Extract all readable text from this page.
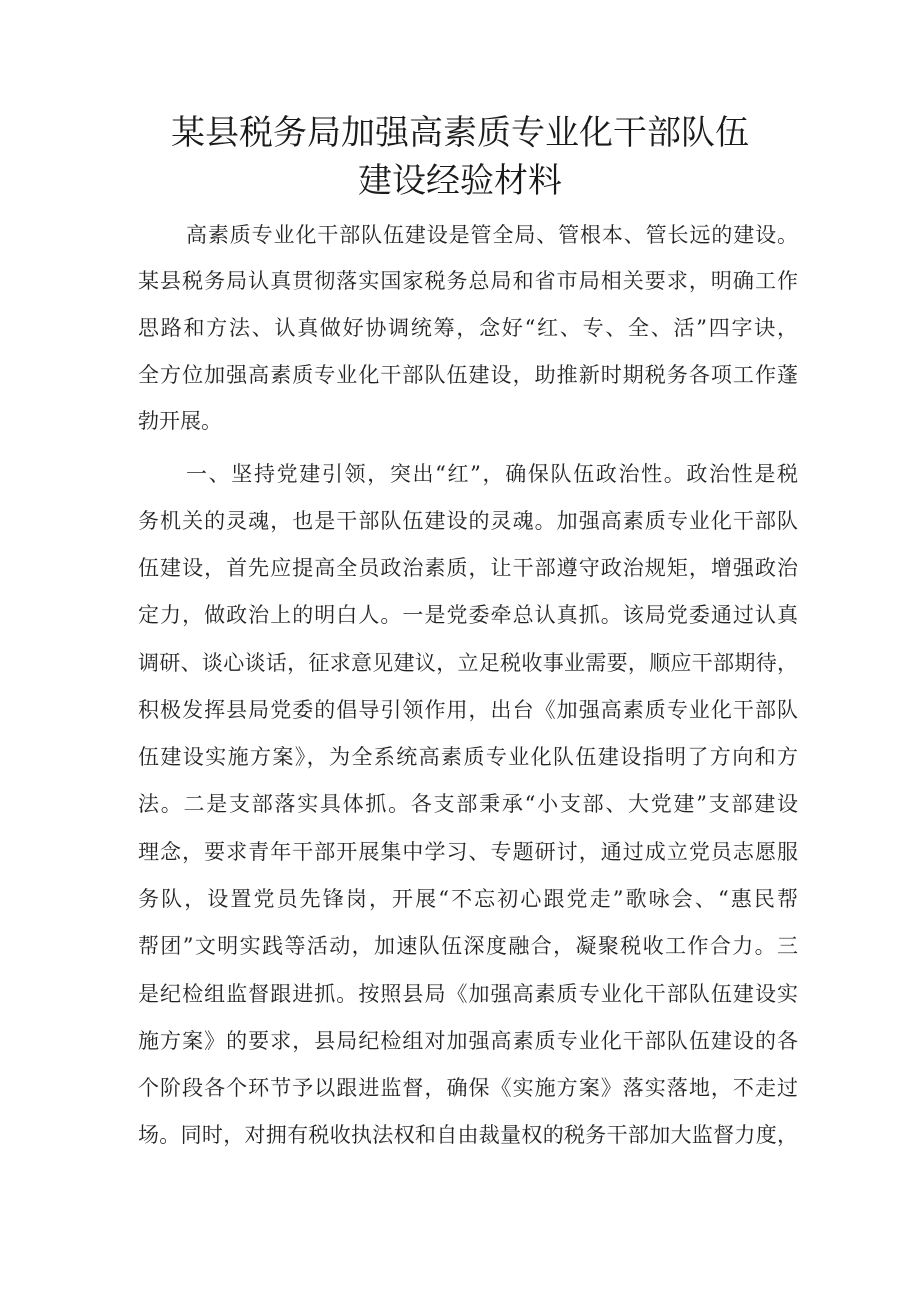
某县税务局加强高素质专业化干部队伍
建设经验材料
高素质专业化干部队伍建设是管全局、管根本、管长远的建设。
某县税务局认真贯彻落实国家税务总局和省市局相关要求，明确工作
思路和方法、认真做好协调统筹，念好“红、专、全、活”四字诀，
全方位加强高素质专业化干部队伍建设，助推新时期税务各项工作蓬
勃开展。
一、坚持党建引领，突出“红”，确保队伍政治性。政治性是税
务机关的灵魂，也是干部队伍建设的灵魂。加强高素质专业化干部队
伍建设，首先应提高全员政治素质，让干部遵守政治规矩，增强政治
定力，做政治上的明白人。一是党委牵总认真抓。该局党委通过认真
调研、谈心谈话，征求意见建议，立足税收事业需要，顺应干部期待，
积极发挥县局党委的倡导引领作用，出台《加强高素质专业化干部队
伍建设实施方案》，为全系统高素质专业化队伍建设指明了方向和方
法。二是支部落实具体抓。各支部秉承“小支部、大党建”支部建设
理念，要求青年干部开展集中学习、专题研讨，通过成立党员志愿服
务队，设置党员先锋岗，开展“不忘初心跟党走”歌咏会、“惠民帮
帮团”文明实践等活动，加速队伍深度融合，凝聚税收工作合力。三
是纪检组监督跟进抓。按照县局《加强高素质专业化干部队伍建设实
施方案》的要求，县局纪检组对加强高素质专业化干部队伍建设的各
个阶段各个环节予以跟进监督，确保《实施方案》落实落地，不走过
场。同时，对拥有税收执法权和自由裁量权的税务干部加大监督力度，
